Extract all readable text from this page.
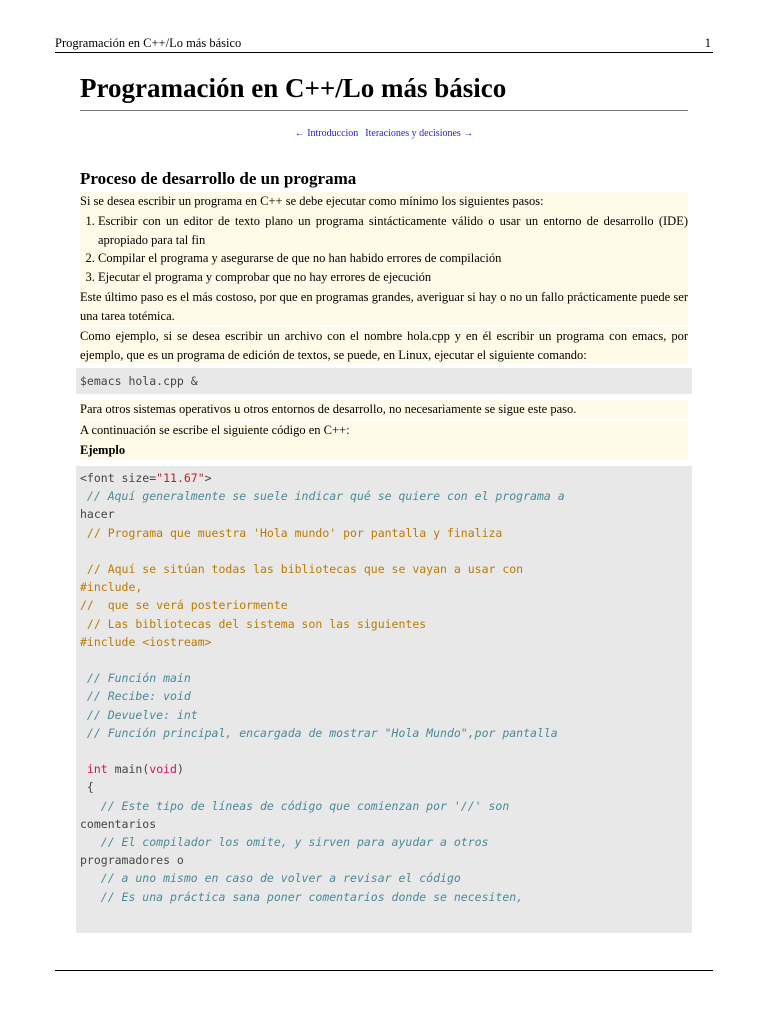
Programación en C++/Lo más básico	1
Programación en C++/Lo más básico
← Introduccion Iteraciones y decisiones →
Proceso de desarrollo de un programa

Si se desea escribir un programa en C++ se debe ejecutar como mínimo los siguientes pasos:

1. Escribir con un editor de texto plano un programa sintácticamente válido o usar un entorno de desarrollo (IDE) apropiado para tal fin
2. Compilar el programa y asegurarse de que no han habido errores de compilación
3. Ejecutar el programa y comprobar que no hay errores de ejecución

Este último paso es el más costoso, por que en programas grandes, averiguar si hay o no un fallo prácticamente puede ser una tarea totémica.

Como ejemplo, si se desea escribir un archivo con el nombre hola.cpp y en él escribir un programa con emacs, por ejemplo, que es un programa de edición de textos, se puede, en Linux, ejecutar el siguiente comando:

$emacs hola.cpp &

Para otros sistemas operativos u otros entornos de desarrollo, no necesariamente se sigue este paso.

A continuación se escribe el siguiente código en C++:

Ejemplo

<font size="11.67">
// Aquí generalmente se suele indicar qué se quiere con el programa a
hacer
// Programa que muestra 'Hola mundo' por pantalla y finaliza

// Aquí se sitúan todas las bibliotecas que se vayan a usar con
#include,
//  que se verá posteriormente
// Las bibliotecas del sistema son las siguientes
#include <iostream>

// Función main
// Recibe: void
// Devuelve: int
// Función principal, encargada de mostrar "Hola Mundo",por pantalla

int main(void)
{
// Este tipo de líneas de código que comienzan por '//' son
comentarios
// El compilador los omite, y sirven para ayudar a otros
programadores o
// a uno mismo en caso de volver a revisar el código
// Es una práctica sana poner comentarios donde se necesiten,
